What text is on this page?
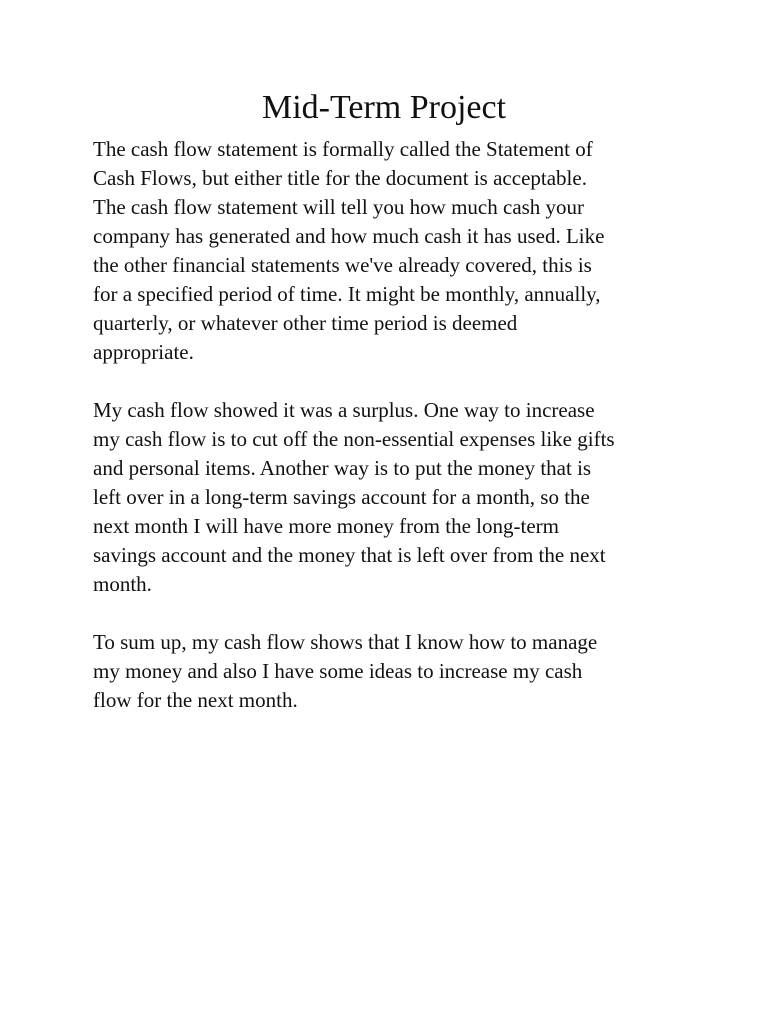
Mid-Term Project

The cash flow statement is formally called the Statement of
Cash Flows, but either title for the document is acceptable.
The cash flow statement will tell you how much cash your
company has generated and how much cash it has used. Like
the other financial statements we've already covered, this is
for a specified period of time. It might be monthly, annually,
quarterly, or whatever other time period is deemed
appropriate.

My cash flow showed it was a surplus. One way to increase
my cash flow is to cut off the non-essential expenses like gifts
and personal items. Another way is to put the money that is
left over in a long-term savings account for a month, so the
next month I will have more money from the long-term
savings account and the money that is left over from the next
month.

To sum up, my cash flow shows that I know how to manage
my money and also I have some ideas to increase my cash
flow for the next month.
